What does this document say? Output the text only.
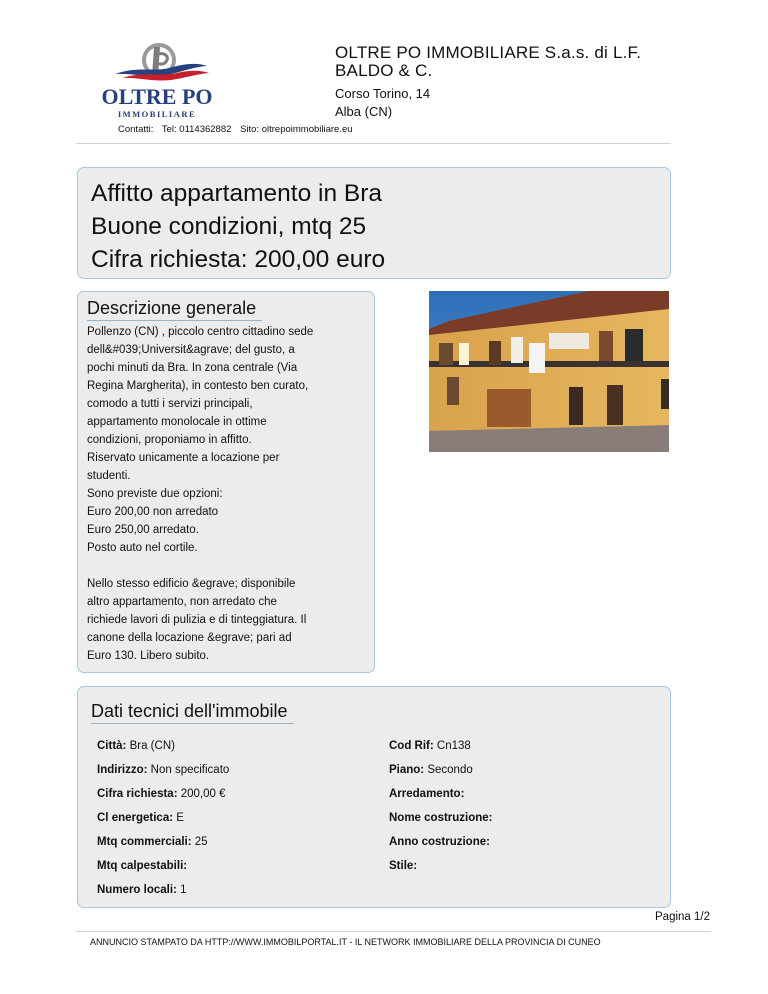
OLTRE PO
IMMOBILIARE
OLTRE PO IMMOBILIARE S.a.s. di L.F. BALDO & C.
Corso Torino, 14
Alba (CN)
Contatti: Tel: 0114362882 Sito: oltrepoimmobiliare.eu
Affitto appartamento in Bra
Buone condizioni, mtq 25
Cifra richiesta: 200,00 euro
Descrizione generale
Pollenzo (CN) , piccolo centro cittadino sede
dell&#039;Universit&agrave; del gusto, a
pochi minuti da Bra. In zona centrale (Via
Regina Margherita), in contesto ben curato,
comodo a tutti i servizi principali,
appartamento monolocale in ottime
condizioni, proponiamo in affitto.
Riservato unicamente a locazione per
studenti.
Sono previste due opzioni:
Euro 200,00 non arredato
Euro 250,00 arredato.
Posto auto nel cortile.

Nello stesso edificio &egrave; disponibile
altro appartamento, non arredato che
richiede lavori di pulizia e di tinteggiatura. Il
canone della locazione &egrave; pari ad
Euro 130. Libero subito.
Dati tecnici dell'immobile
Città: Bra (CN)	Cod Rif: Cn138
Indirizzo: Non specificato	Piano: Secondo
Cifra richiesta: 200,00 €	Arredamento:
Cl energetica: E	Nome costruzione:
Mtq commerciali: 25	Anno costruzione:
Mtq calpestabili:	Stile:
Numero locali: 1
Pagina 1/2
ANNUNCIO STAMPATO DA HTTP://WWW.IMMOBILPORTAL.IT - IL NETWORK IMMOBILIARE DELLA PROVINCIA DI CUNEO
